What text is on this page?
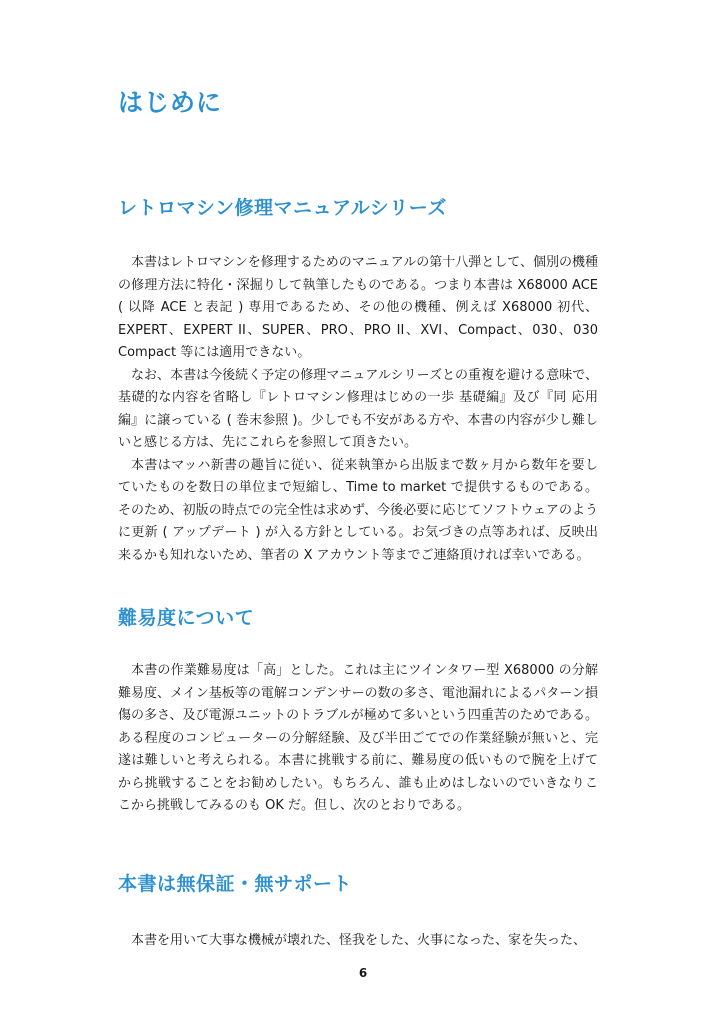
はじめに
レトロマシン修理マニュアルシリーズ

本書はレトロマシンを修理するためのマニュアルの第十八弾として、個別の機種の修理方法に特化・深掘りして執筆したものである。つまり本書は X68000 ACE ( 以降 ACE と表記 ) 専用であるため、その他の機種、例えば X68000 初代、EXPERT、EXPERT II、SUPER、PRO、PRO II、XVI、Compact、030、030 Compact 等には適用できない。

なお、本書は今後続く予定の修理マニュアルシリーズとの重複を避ける意味で、基礎的な内容を省略し『レトロマシン修理はじめの一歩 基礎編』及び『同 応用編』に譲っている ( 巻末参照 )。少しでも不安がある方や、本書の内容が少し難しいと感じる方は、先にこれらを参照して頂きたい。

本書はマッハ新書の趣旨に従い、従来執筆から出版まで数ヶ月から数年を要していたものを数日の単位まで短縮し、Time to market で提供するものである。そのため、初版の時点での完全性は求めず、今後必要に応じてソフトウェアのように更新 ( アップデート ) が入る方針としている。お気づきの点等あれば、反映出来るかも知れないため、筆者の X アカウント等までご連絡頂ければ幸いである。

難易度について

本書の作業難易度は「高」とした。これは主にツインタワー型 X68000 の分解難易度、メイン基板等の電解コンデンサーの数の多さ、電池漏れによるパターン損傷の多さ、及び電源ユニットのトラブルが極めて多いという四重苦のためである。ある程度のコンピューターの分解経験、及び半田ごてでの作業経験が無いと、完遂は難しいと考えられる。本書に挑戦する前に、難易度の低いもので腕を上げてから挑戦することをお勧めしたい。もちろん、誰も止めはしないのでいきなりここから挑戦してみるのも OK だ。但し、次のとおりである。

本書は無保証・無サポート

本書を用いて大事な機械が壊れた、怪我をした、火事になった、家を失った、

6
